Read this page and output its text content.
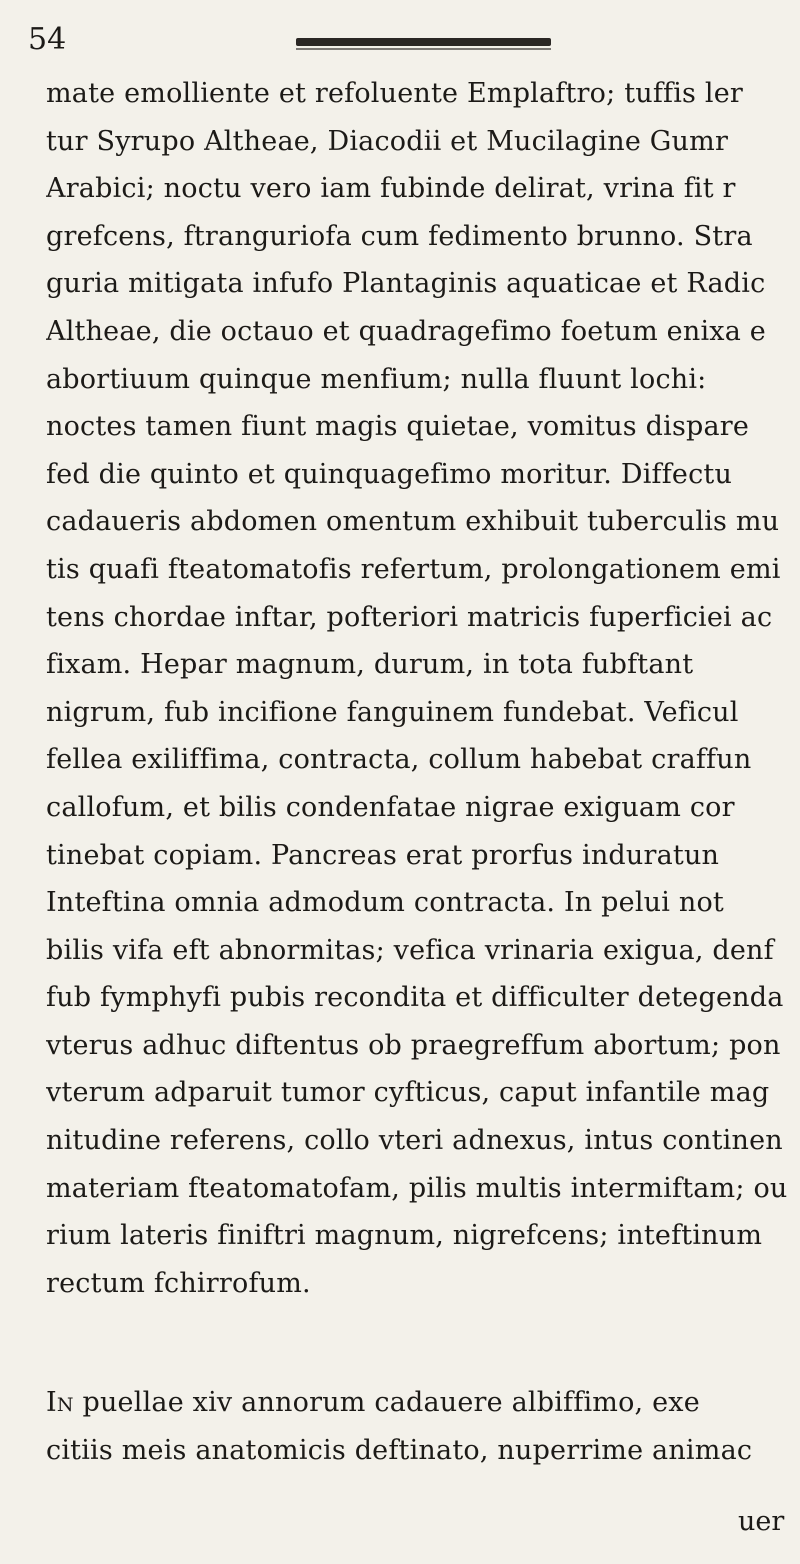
54
mate emolliente et refoluente Emplaftro; tuffis ler
tur Syrupo Altheae, Diacodii et Mucilagine Gumr
Arabici; noctu vero iam fubinde delirat, vrina fit r
grefcens, ftranguriofa cum fedimento brunno. Stra
guria mitigata infufo Plantaginis aquaticae et Radic
Altheae, die octauo et quadragefimo foetum enixa e
abortiuum quinque menfium; nulla fluunt lochi:
noctes tamen fiunt magis quietae, vomitus dispare
fed die quinto et quinquagefimo moritur. Diffectu
cadaueris abdomen omentum exhibuit tuberculis mu
tis quafi fteatomatofis refertum, prolongationem emi
tens chordae inftar, pofteriori matricis fuperficiei ac
fixam. Hepar magnum, durum, in tota fubftant
nigrum, fub incifione fanguinem fundebat. Veficul
fellea exiliffima, contracta, collum habebat craffun
callofum, et bilis condenfatae nigrae exiguam cor
tinebat copiam. Pancreas erat prorfus induratun
Inteftina omnia admodum contracta. In pelui not
bilis vifa eft abnormitas; vefica vrinaria exigua, denf
fub fymphyfi pubis recondita et difficulter detegenda
vterus adhuc diftentus ob praegreffum abortum; pon
vterum adparuit tumor cyfticus, caput infantile mag
nitudine referens, collo vteri adnexus, intus continen
materiam fteatomatofam, pilis multis intermiftam; ou
rium lateris finiftri magnum, nigrefcens; inteftinum
rectum fchirrofum.
In puellae xiv annorum cadauere albiffimo, exe
citiis meis anatomicis deftinato, nuperrime animac
uer
